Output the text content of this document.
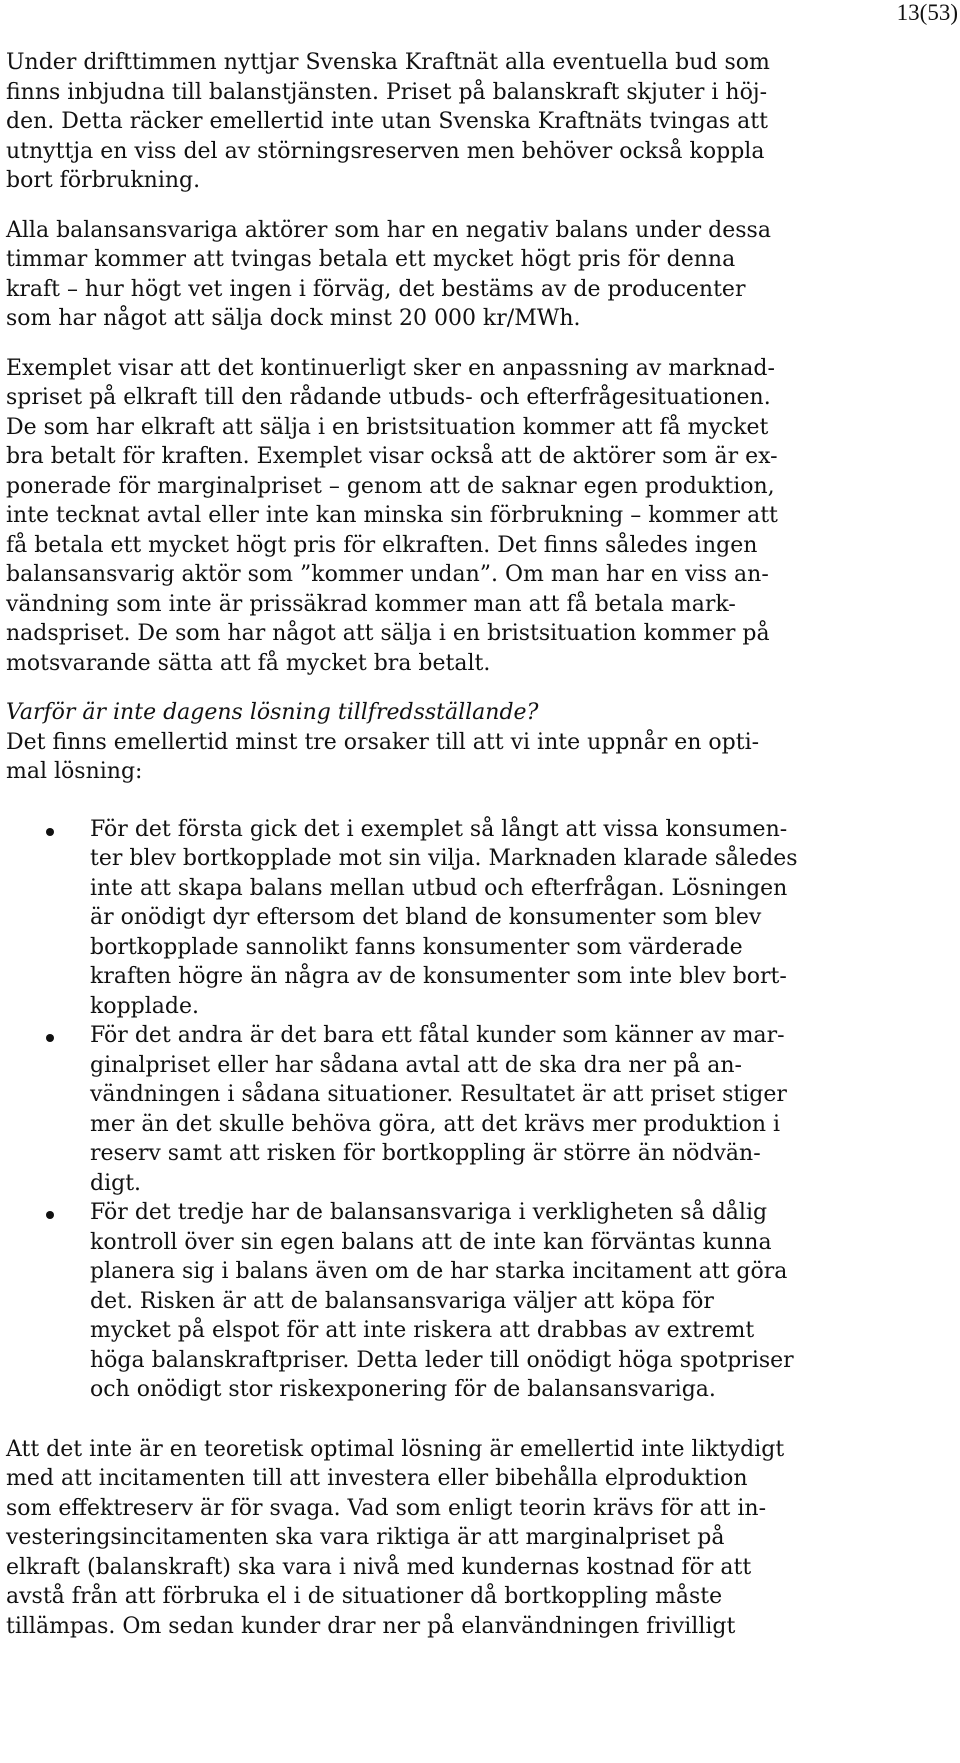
13(53)

Under drifttimmen nyttjar Svenska Kraftnät alla eventuella bud som
finns inbjudna till balanstjänsten. Priset på balanskraft skjuter i höj-
den. Detta räcker emellertid inte utan Svenska Kraftnäts tvingas att
utnyttja en viss del av störningsreserven men behöver också koppla
bort förbrukning.

Alla balansansvariga aktörer som har en negativ balans under dessa
timmar kommer att tvingas betala ett mycket högt pris för denna
kraft – hur högt vet ingen i förväg, det bestäms av de producenter
som har något att sälja dock minst 20 000 kr/MWh.

Exemplet visar att det kontinuerligt sker en anpassning av marknad-
spriset på elkraft till den rådande utbuds- och efterfrågesituationen.
De som har elkraft att sälja i en bristsituation kommer att få mycket
bra betalt för kraften. Exemplet visar också att de aktörer som är ex-
ponerade för marginalpriset – genom att de saknar egen produktion,
inte tecknat avtal eller inte kan minska sin förbrukning – kommer att
få betala ett mycket högt pris för elkraften. Det finns således ingen
balansansvarig aktör som ”kommer undan”. Om man har en viss an-
vändning som inte är prissäkrad kommer man att få betala mark-
nadspriset. De som har något att sälja i en bristsituation kommer på
motsvarande sätta att få mycket bra betalt.

Varför är inte dagens lösning tillfredsställande?

Det finns emellertid minst tre orsaker till att vi inte uppnår en opti-
mal lösning:

För det första gick det i exemplet så långt att vissa konsumen-
ter blev bortkopplade mot sin vilja. Marknaden klarade således
inte att skapa balans mellan utbud och efterfrågan. Lösningen
är onödigt dyr eftersom det bland de konsumenter som blev
bortkopplade sannolikt fanns konsumenter som värderade
kraften högre än några av de konsumenter som inte blev bort-
kopplade.
För det andra är det bara ett fåtal kunder som känner av mar-
ginalpriset eller har sådana avtal att de ska dra ner på an-
vändningen i sådana situationer. Resultatet är att priset stiger
mer än det skulle behöva göra, att det krävs mer produktion i
reserv samt att risken för bortkoppling är större än nödvän-
digt.
För det tredje har de balansansvariga i verkligheten så dålig
kontroll över sin egen balans att de inte kan förväntas kunna
planera sig i balans även om de har starka incitament att göra
det. Risken är att de balansansvariga väljer att köpa för
mycket på elspot för att inte riskera att drabbas av extremt
höga balanskraftpriser. Detta leder till onödigt höga spotpriser
och onödigt stor riskexponering för de balansansvariga.

Att det inte är en teoretisk optimal lösning är emellertid inte liktydigt
med att incitamenten till att investera eller bibehålla elproduktion
som effektreserv är för svaga. Vad som enligt teorin krävs för att in-
vesteringsincitamenten ska vara riktiga är att marginalpriset på
elkraft (balanskraft) ska vara i nivå med kundernas kostnad för att
avstå från att förbruka el i de situationer då bortkoppling måste
tillämpas. Om sedan kunder drar ner på elanvändningen frivilligt
